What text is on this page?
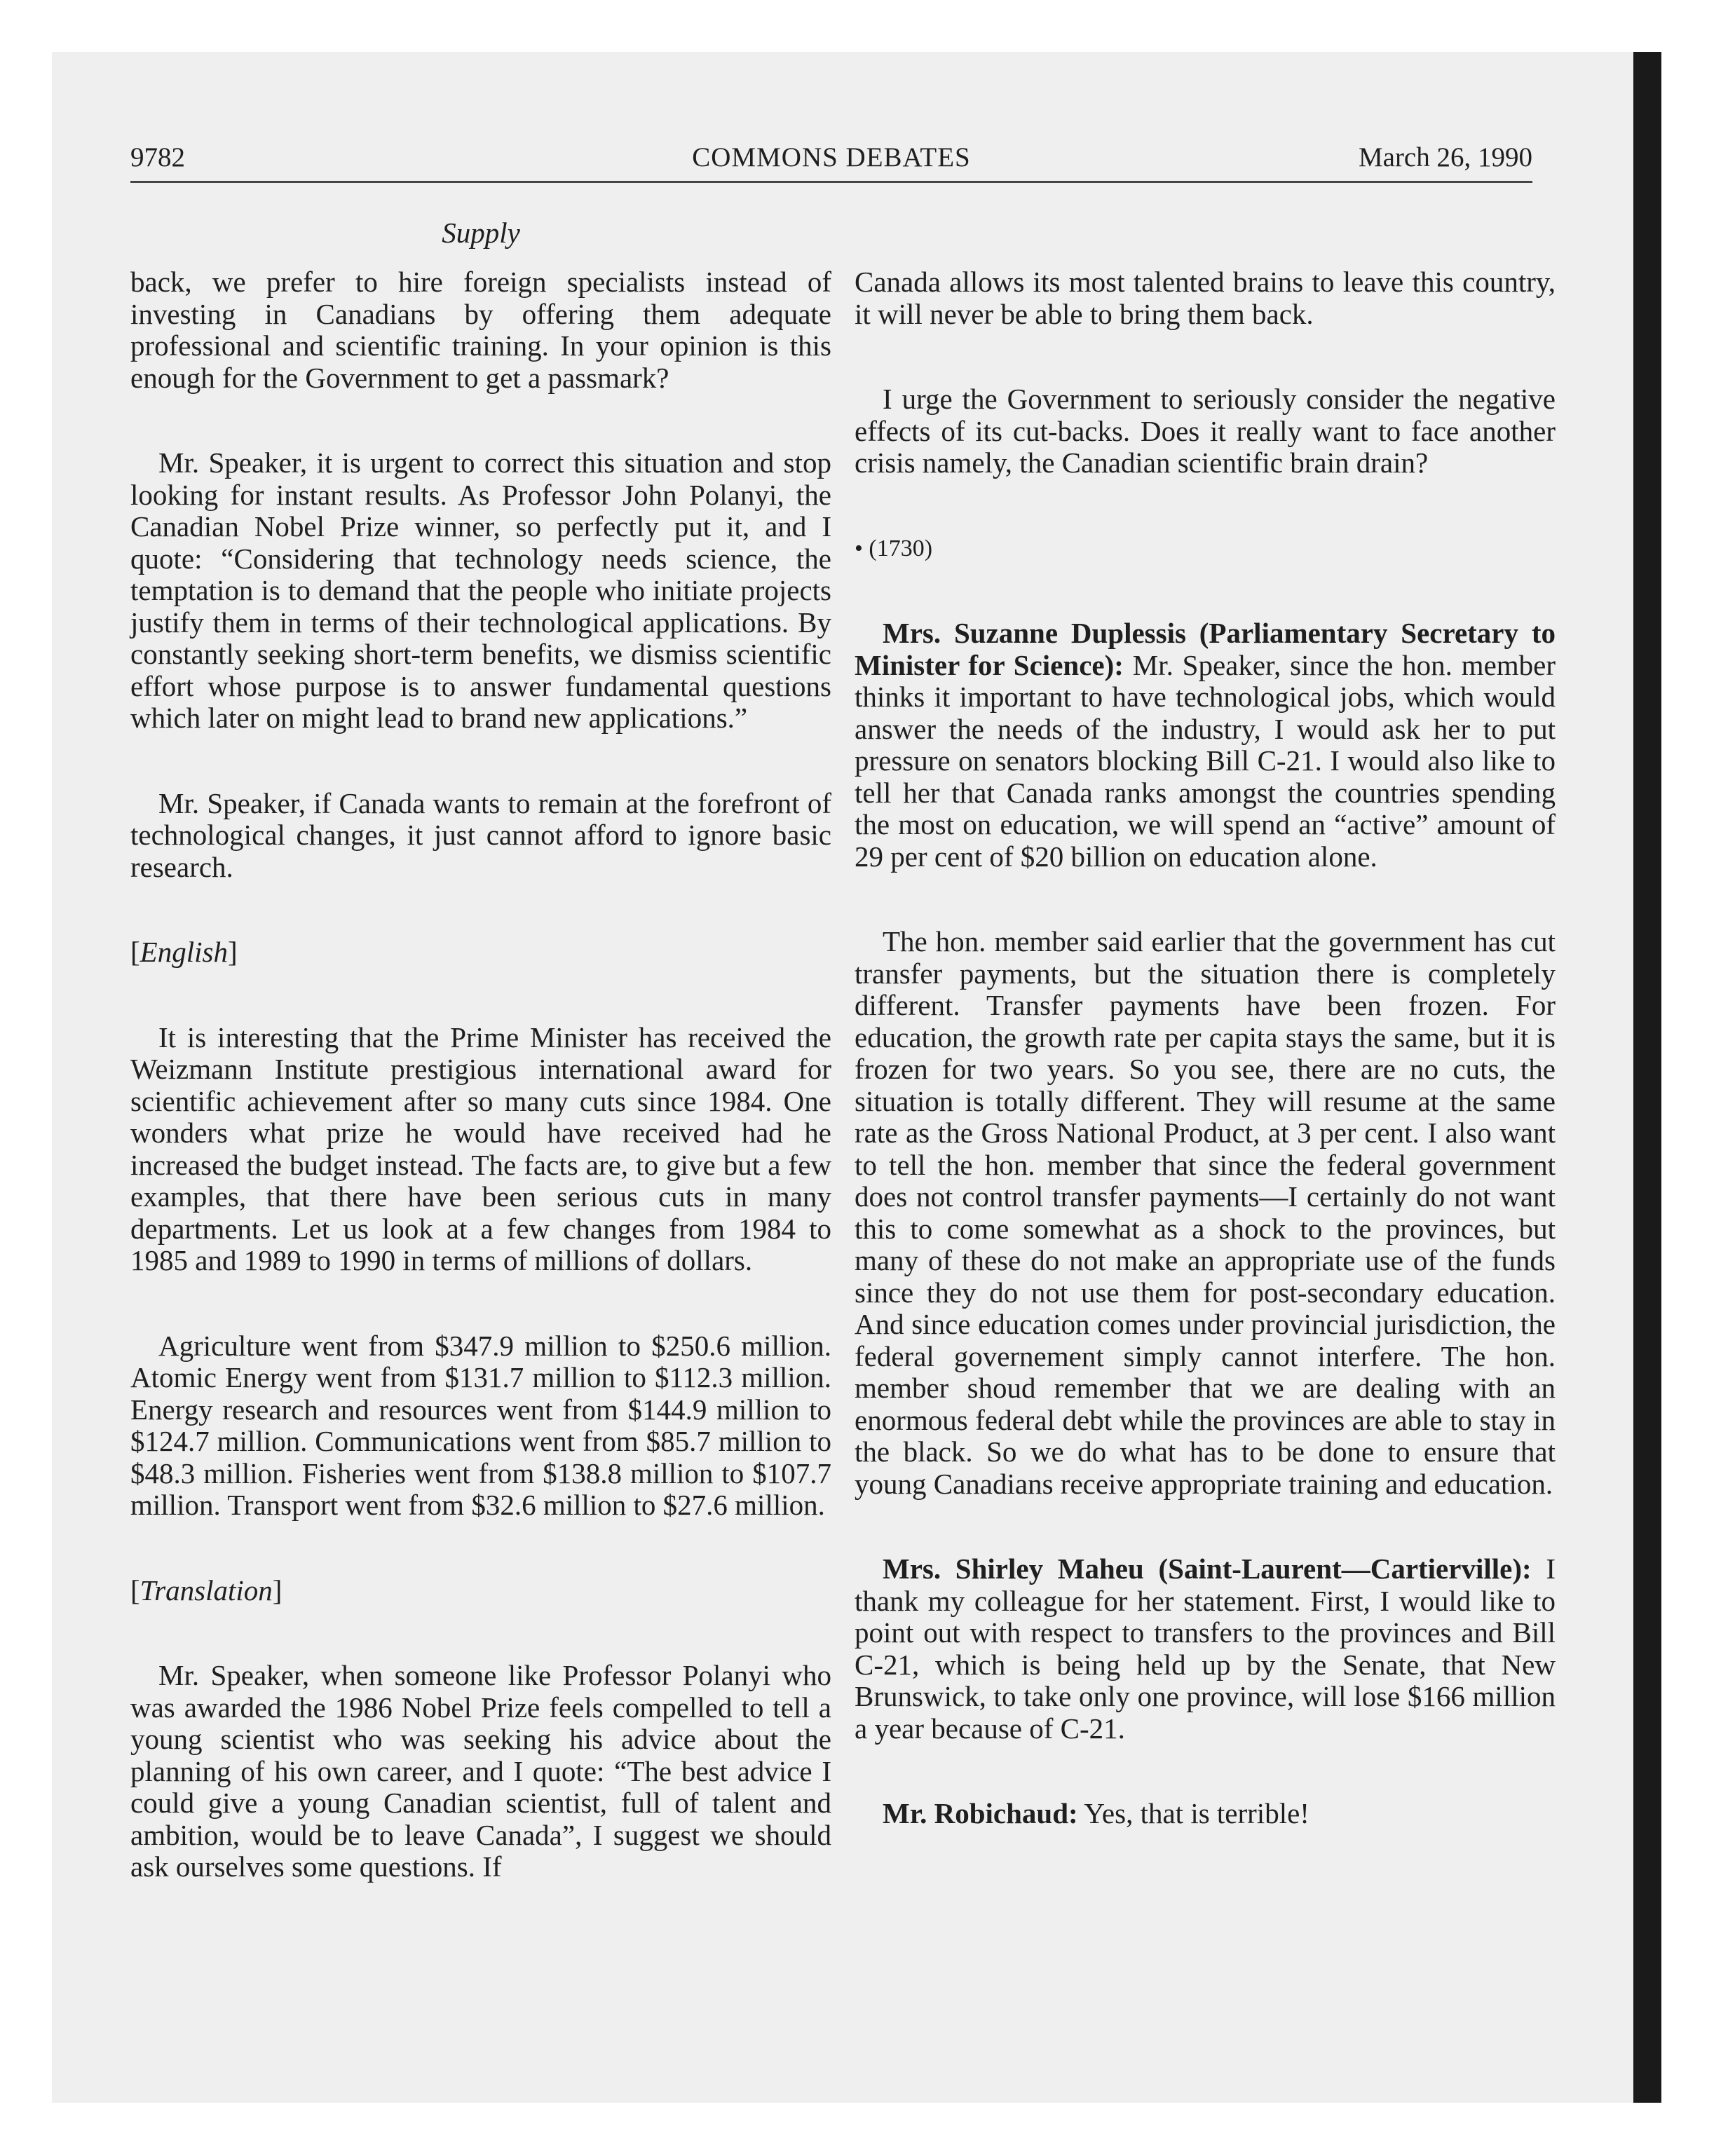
9782	COMMONS DEBATES	March 26, 1990
Supply

back, we prefer to hire foreign specialists instead of investing in Canadians by offering them adequate professional and scientific training. In your opinion is this enough for the Government to get a passmark?

Mr. Speaker, it is urgent to correct this situation and stop looking for instant results. As Professor John Polanyi, the Canadian Nobel Prize winner, so perfectly put it, and I quote: “Considering that technology needs science, the temptation is to demand that the people who initiate projects justify them in terms of their technological applications. By constantly seeking short-term benefits, we dismiss scientific effort whose purpose is to answer fundamental questions which later on might lead to brand new applications.”

Mr. Speaker, if Canada wants to remain at the forefront of technological changes, it just cannot afford to ignore basic research.

[English]

It is interesting that the Prime Minister has received the Weizmann Institute prestigious international award for scientific achievement after so many cuts since 1984. One wonders what prize he would have received had he increased the budget instead. The facts are, to give but a few examples, that there have been serious cuts in many departments. Let us look at a few changes from 1984 to 1985 and 1989 to 1990 in terms of millions of dollars.

Agriculture went from $347.9 million to $250.6 million. Atomic Energy went from $131.7 million to $112.3 million. Energy research and resources went from $144.9 million to $124.7 million. Communications went from $85.7 million to $48.3 million. Fisheries went from $138.8 million to $107.7 million. Transport went from $32.6 million to $27.6 million.

[Translation]

Mr. Speaker, when someone like Professor Polanyi who was awarded the 1986 Nobel Prize feels compelled to tell a young scientist who was seeking his advice about the planning of his own career, and I quote: “The best advice I could give a young Canadian scientist, full of talent and ambition, would be to leave Canada”, I suggest we should ask ourselves some questions. If

Canada allows its most talented brains to leave this country, it will never be able to bring them back.

I urge the Government to seriously consider the negative effects of its cut-backs. Does it really want to face another crisis namely, the Canadian scientific brain drain?

• (1730)

Mrs. Suzanne Duplessis (Parliamentary Secretary to Minister for Science): Mr. Speaker, since the hon. member thinks it important to have technological jobs, which would answer the needs of the industry, I would ask her to put pressure on senators blocking Bill C-21. I would also like to tell her that Canada ranks amongst the countries spending the most on education, we will spend an “active” amount of 29 per cent of $20 billion on education alone.

The hon. member said earlier that the government has cut transfer payments, but the situation there is completely different. Transfer payments have been frozen. For education, the growth rate per capita stays the same, but it is frozen for two years. So you see, there are no cuts, the situation is totally different. They will resume at the same rate as the Gross National Product, at 3 per cent. I also want to tell the hon. member that since the federal government does not control transfer payments—I certainly do not want this to come somewhat as a shock to the provinces, but many of these do not make an appropriate use of the funds since they do not use them for post-secondary education. And since education comes under provincial jurisdiction, the federal governement simply cannot interfere. The hon. member shoud remember that we are dealing with an enormous federal debt while the provinces are able to stay in the black. So we do what has to be done to ensure that young Canadians receive appropriate training and education.

Mrs. Shirley Maheu (Saint-Laurent—Cartierville): I thank my colleague for her statement. First, I would like to point out with respect to transfers to the provinces and Bill C-21, which is being held up by the Senate, that New Brunswick, to take only one province, will lose $166 million a year because of C-21.

Mr. Robichaud: Yes, that is terrible!
